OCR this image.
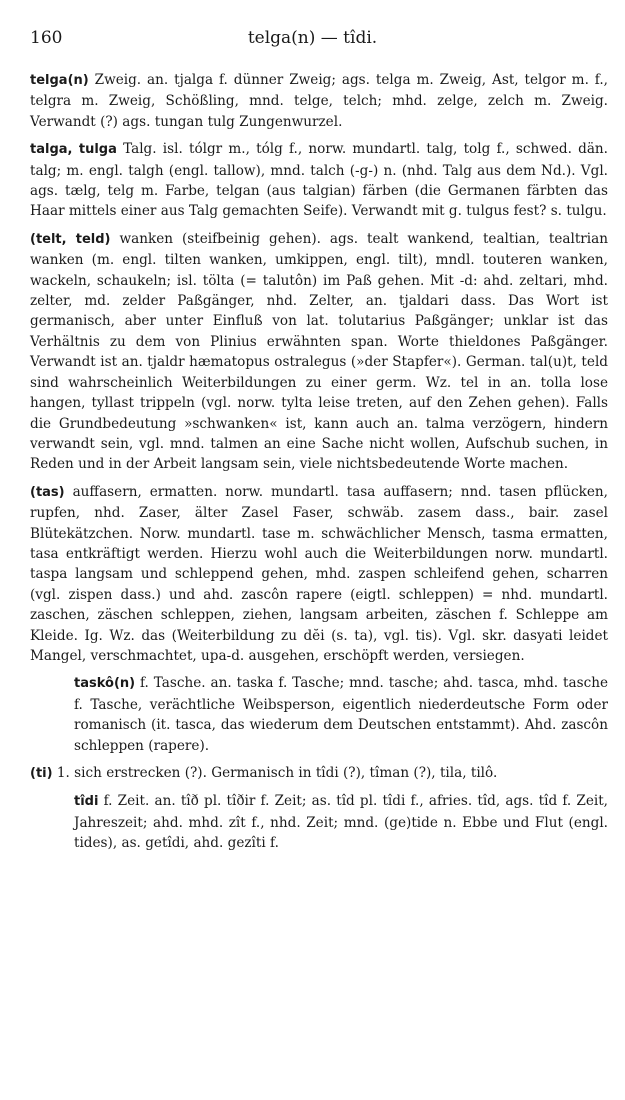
160	telga(n) — tîdi.

telga(n) Zweig. an. tjalga f. dünner Zweig; ags. telga m. Zweig, Ast, telgor m. f., telgra m. Zweig, Schößling, mnd. telge, telch; mhd. zelge, zelch m. Zweig. Verwandt (?) ags. tungan tulg Zungenwurzel.

talga, tulga Talg. isl. tólgr m., tólg f., norw. mundartl. talg, tolg f., schwed. dän. talg; m. engl. talgh (engl. tallow), mnd. talch (-g-) n. (nhd. Talg aus dem Nd.). Vgl. ags. tælg, telg m. Farbe, telgan (aus talgian) färben (die Germanen färbten das Haar mittels einer aus Talg gemachten Seife). Verwandt mit g. tulgus fest? s. tulgu.

(telt, teld) wanken (steifbeinig gehen). ags. tealt wankend, tealtian, tealtrian wanken (m. engl. tilten wanken, umkippen, engl. tilt), mndl. touteren wanken, wackeln, schaukeln; isl. tölta (= talutôn) im Paß gehen. Mit -d: ahd. zeltari, mhd. zelter, md. zelder Paßgänger, nhd. Zelter, an. tjaldari dass. Das Wort ist germanisch, aber unter Einfluß von lat. tolutarius Paßgänger; unklar ist das Verhältnis zu dem von Plinius erwähnten span. Worte thieldones Paßgänger. Verwandt ist an. tjaldr hæmatopus ostralegus (»der Stapfer«). German. tal(u)t, teld sind wahrscheinlich Weiterbildungen zu einer germ. Wz. tel in an. tolla lose hangen, tyllast trippeln (vgl. norw. tylta leise treten, auf den Zehen gehen). Falls die Grundbedeutung »schwanken« ist, kann auch an. talma verzögern, hindern verwandt sein, vgl. mnd. talmen an eine Sache nicht wollen, Aufschub suchen, in Reden und in der Arbeit langsam sein, viele nichtsbedeutende Worte machen.

(tas) auffasern, ermatten. norw. mundartl. tasa auffasern; nnd. tasen pflücken, rupfen, nhd. Zaser, älter Zasel Faser, schwäb. zasem dass., bair. zasel Blütekätzchen. Norw. mundartl. tase m. schwächlicher Mensch, tasma ermatten, tasa entkräftigt werden. Hierzu wohl auch die Weiterbildungen norw. mundartl. taspa langsam und schleppend gehen, mhd. zaspen schleifend gehen, scharren (vgl. zispen dass.) und ahd. zascôn rapere (eigtl. schleppen) = nhd. mundartl. zaschen, zäschen schleppen, ziehen, langsam arbeiten, zäschen f. Schleppe am Kleide. Ig. Wz. das (Weiterbildung zu dĕi (s. ta), vgl. tis). Vgl. skr. dasyati leidet Mangel, verschmachtet, upa-d. ausgehen, erschöpft werden, versiegen.

taskô(n) f. Tasche. an. taska f. Tasche; mnd. tasche; ahd. tasca, mhd. tasche f. Tasche, verächtliche Weibsperson, eigentlich niederdeutsche Form oder romanisch (it. tasca, das wiederum dem Deutschen entstammt). Ahd. zascôn schleppen (rapere).

(ti) 1. sich erstrecken (?). Germanisch in tîdi (?), tîman (?), tila, tilô.

tîdi f. Zeit. an. tîð pl. tîðir f. Zeit; as. tîd pl. tîdi f., afries. tîd, ags. tîd f. Zeit, Jahreszeit; ahd. mhd. zît f., nhd. Zeit; mnd. (ge)tide n. Ebbe und Flut (engl. tides), as. getîdi, ahd. gezîti f.
